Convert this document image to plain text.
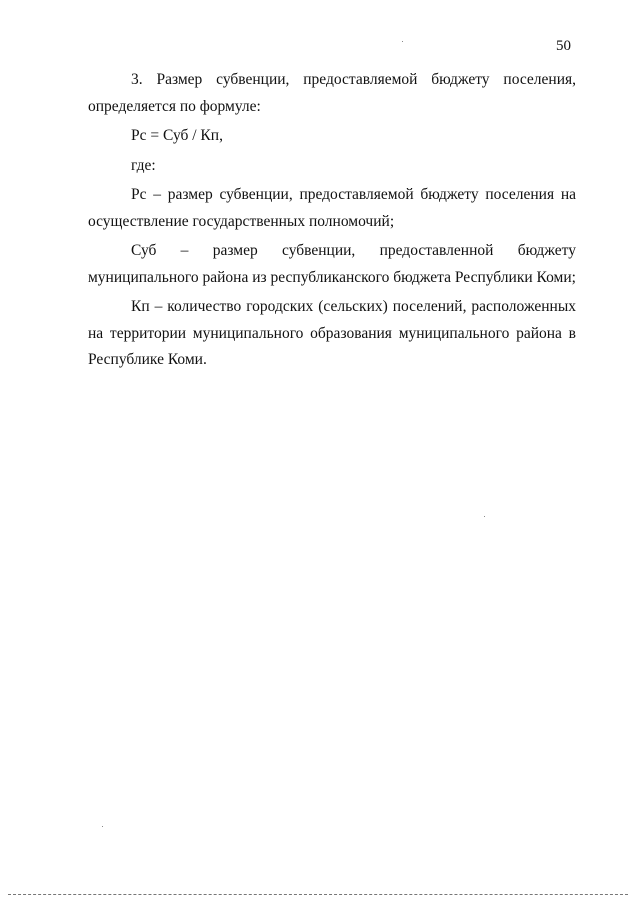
50

3. Размер субвенции, предоставляемой бюджету поселения,

определяется по формуле:

Рс = Суб / Кп,

где:

Рс – размер субвенции, предоставляемой бюджету поселения на

осуществление государственных полномочий;

Суб – размер субвенции, предоставленной бюджету

муниципального района из республиканского бюджета Республики Коми;

Кп – количество городских (сельских) поселений, расположенных

на территории муниципального образования муниципального района в

Республике Коми.
